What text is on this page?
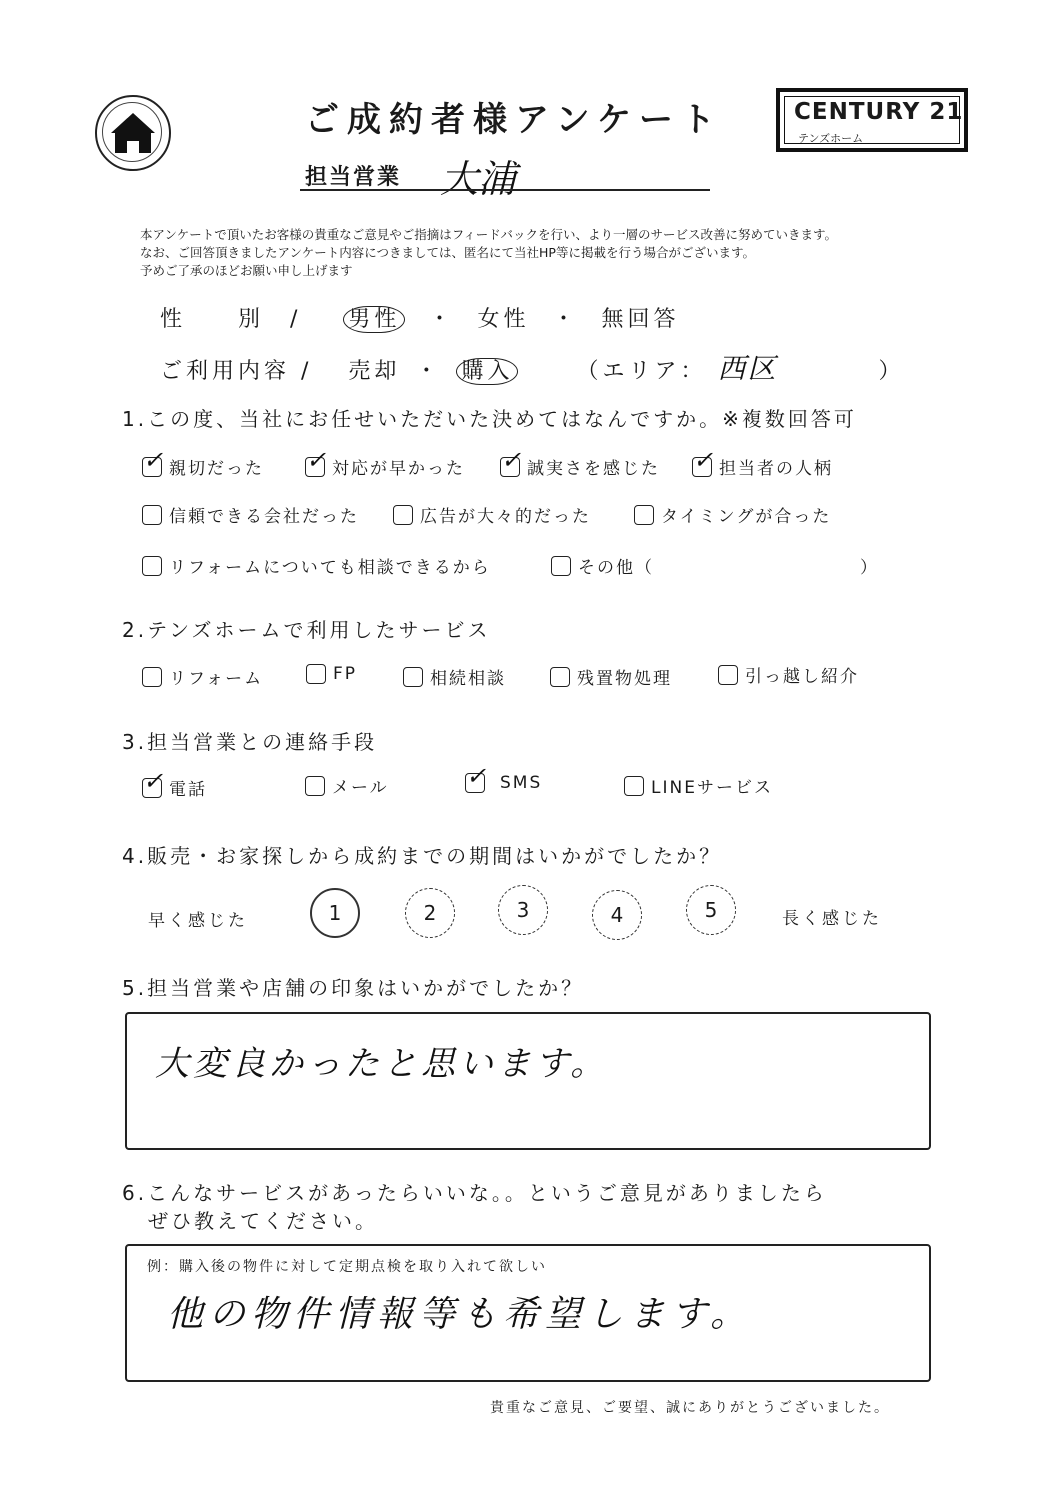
ご成約者様アンケート	CENTURY 21
テンズホーム
担当営業 大浦
本アンケートで頂いたお客様の貴重なご意見やご指摘はフィードバックを行い、より一層のサービス改善に努めていきます。
なお、ご回答頂きましたアンケート内容につきましては、匿名にて当社HP等に掲載を行う場合がございます。
予めご了承のほどお願い申し上げます
性　　別　/ 男性 ・ 女性 ・ 無回答
ご利用内容 / 売却 ・ 購入	（エリア： 西区	）
1.この度、当社にお任せいただいた決めてはなんですか。※複数回答可
✓ 親切だった ✓ 対応が早かった ✓ 誠実さを感じた ✓ 担当者の人柄
信頼できる会社だった	広告が大々的だった	タイミングが合った
リフォームについても相談できるから	その他（	）
2.テンズホームで利用したサービス
リフォーム	FP	相続相談	残置物処理	引っ越し紹介
3.担当営業との連絡手段
✓ 電話	メール	✓ SMS	LINEサービス
4.販売・お家探しから成約までの期間はいかがでしたか？
早く感じた	1	2	3	4	5	長く感じた
5.担当営業や店舗の印象はいかがでしたか？
大変良かったと思います。
6.こんなサービスがあったらいいな。。というご意見がありましたら
ぜひ教えてください。
例：購入後の物件に対して定期点検を取り入れて欲しい
他の物件情報等も希望します。
貴重なご意見、ご要望、誠にありがとうございました。
